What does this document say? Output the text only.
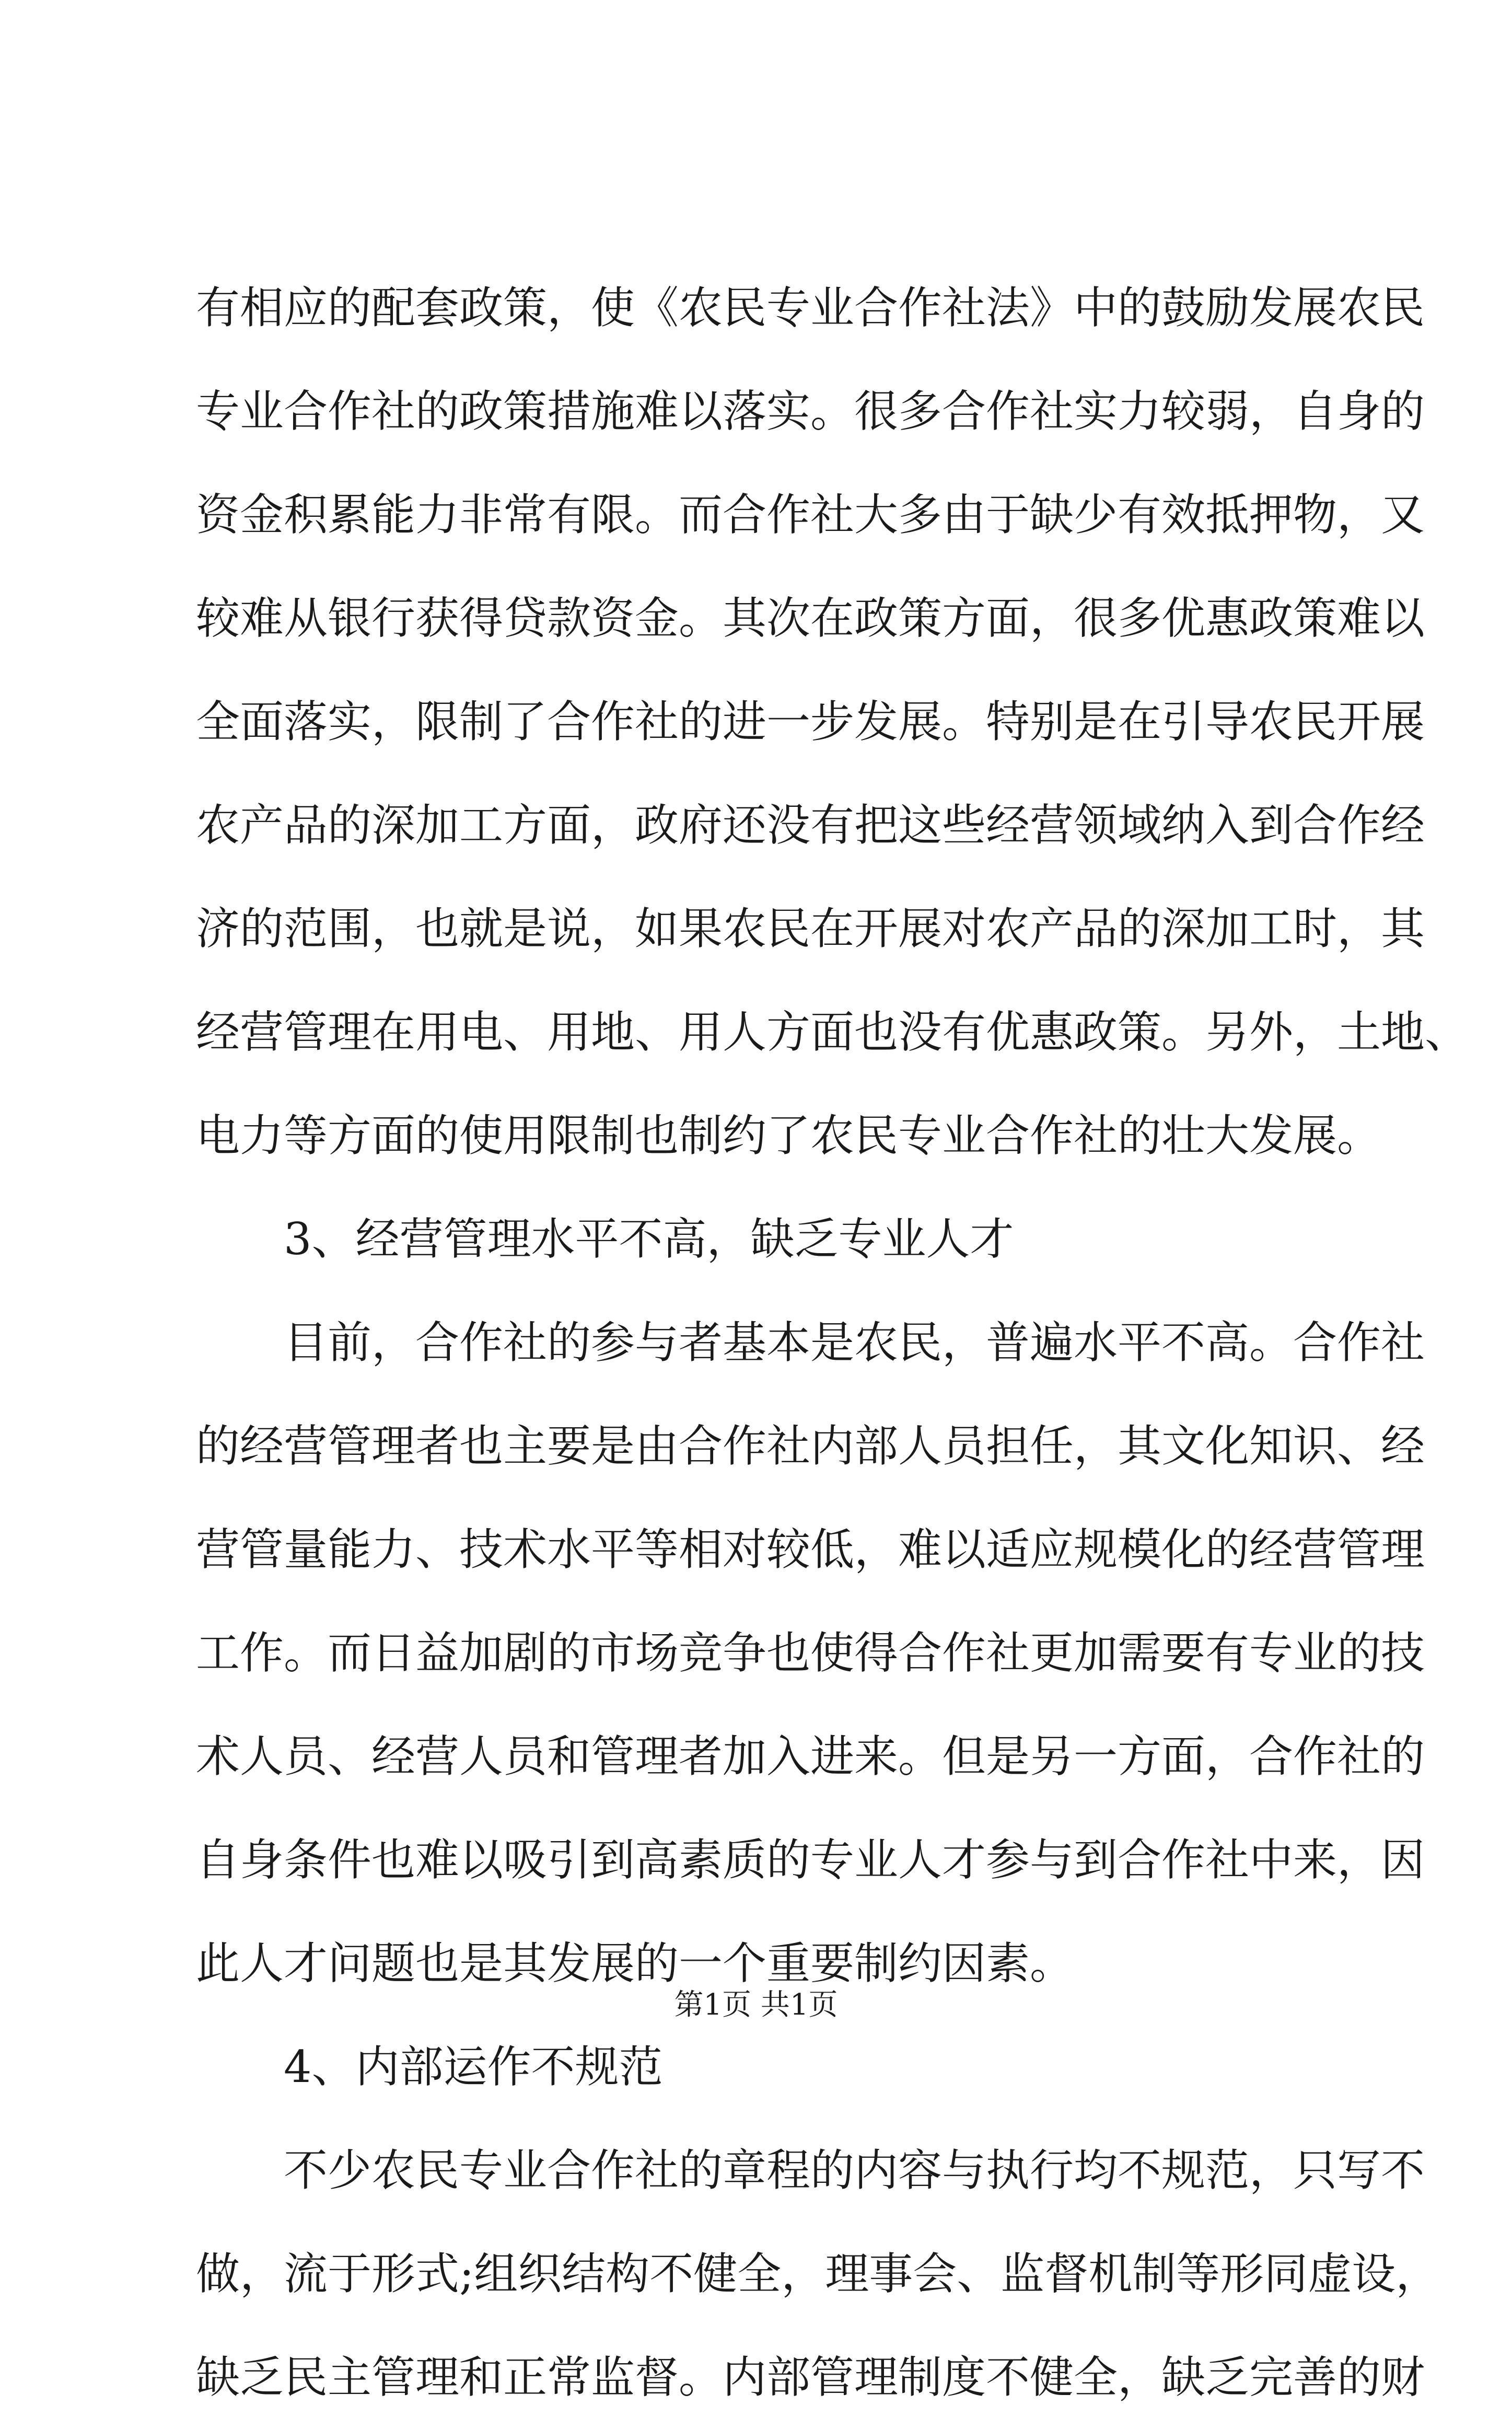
有相应的配套政策，使《农民专业合作社法》中的鼓励发展农民
专业合作社的政策措施难以落实。很多合作社实力较弱，自身的
资金积累能力非常有限。而合作社大多由于缺少有效抵押物，又
较难从银行获得贷款资金。其次在政策方面，很多优惠政策难以
全面落实，限制了合作社的进一步发展。特别是在引导农民开展
农产品的深加工方面，政府还没有把这些经营领域纳入到合作经
济的范围，也就是说，如果农民在开展对农产品的深加工时，其
经营管理在用电、用地、用人方面也没有优惠政策。另外，土地、
电力等方面的使用限制也制约了农民专业合作社的壮大发展。
3、经营管理水平不高，缺乏专业人才
目前，合作社的参与者基本是农民，普遍水平不高。合作社
的经营管理者也主要是由合作社内部人员担任，其文化知识、经
营管量能力、技术水平等相对较低，难以适应规模化的经营管理
工作。而日益加剧的市场竞争也使得合作社更加需要有专业的技
术人员、经营人员和管理者加入进来。但是另一方面，合作社的
自身条件也难以吸引到高素质的专业人才参与到合作社中来，因
此人才问题也是其发展的一个重要制约因素。
4、内部运作不规范
不少农民专业合作社的章程的内容与执行均不规范，只写不
做，流于形式;组织结构不健全，理事会、监督机制等形同虚设，
缺乏民主管理和正常监督。内部管理制度不健全，缺乏完善的财
第1页 共1页
